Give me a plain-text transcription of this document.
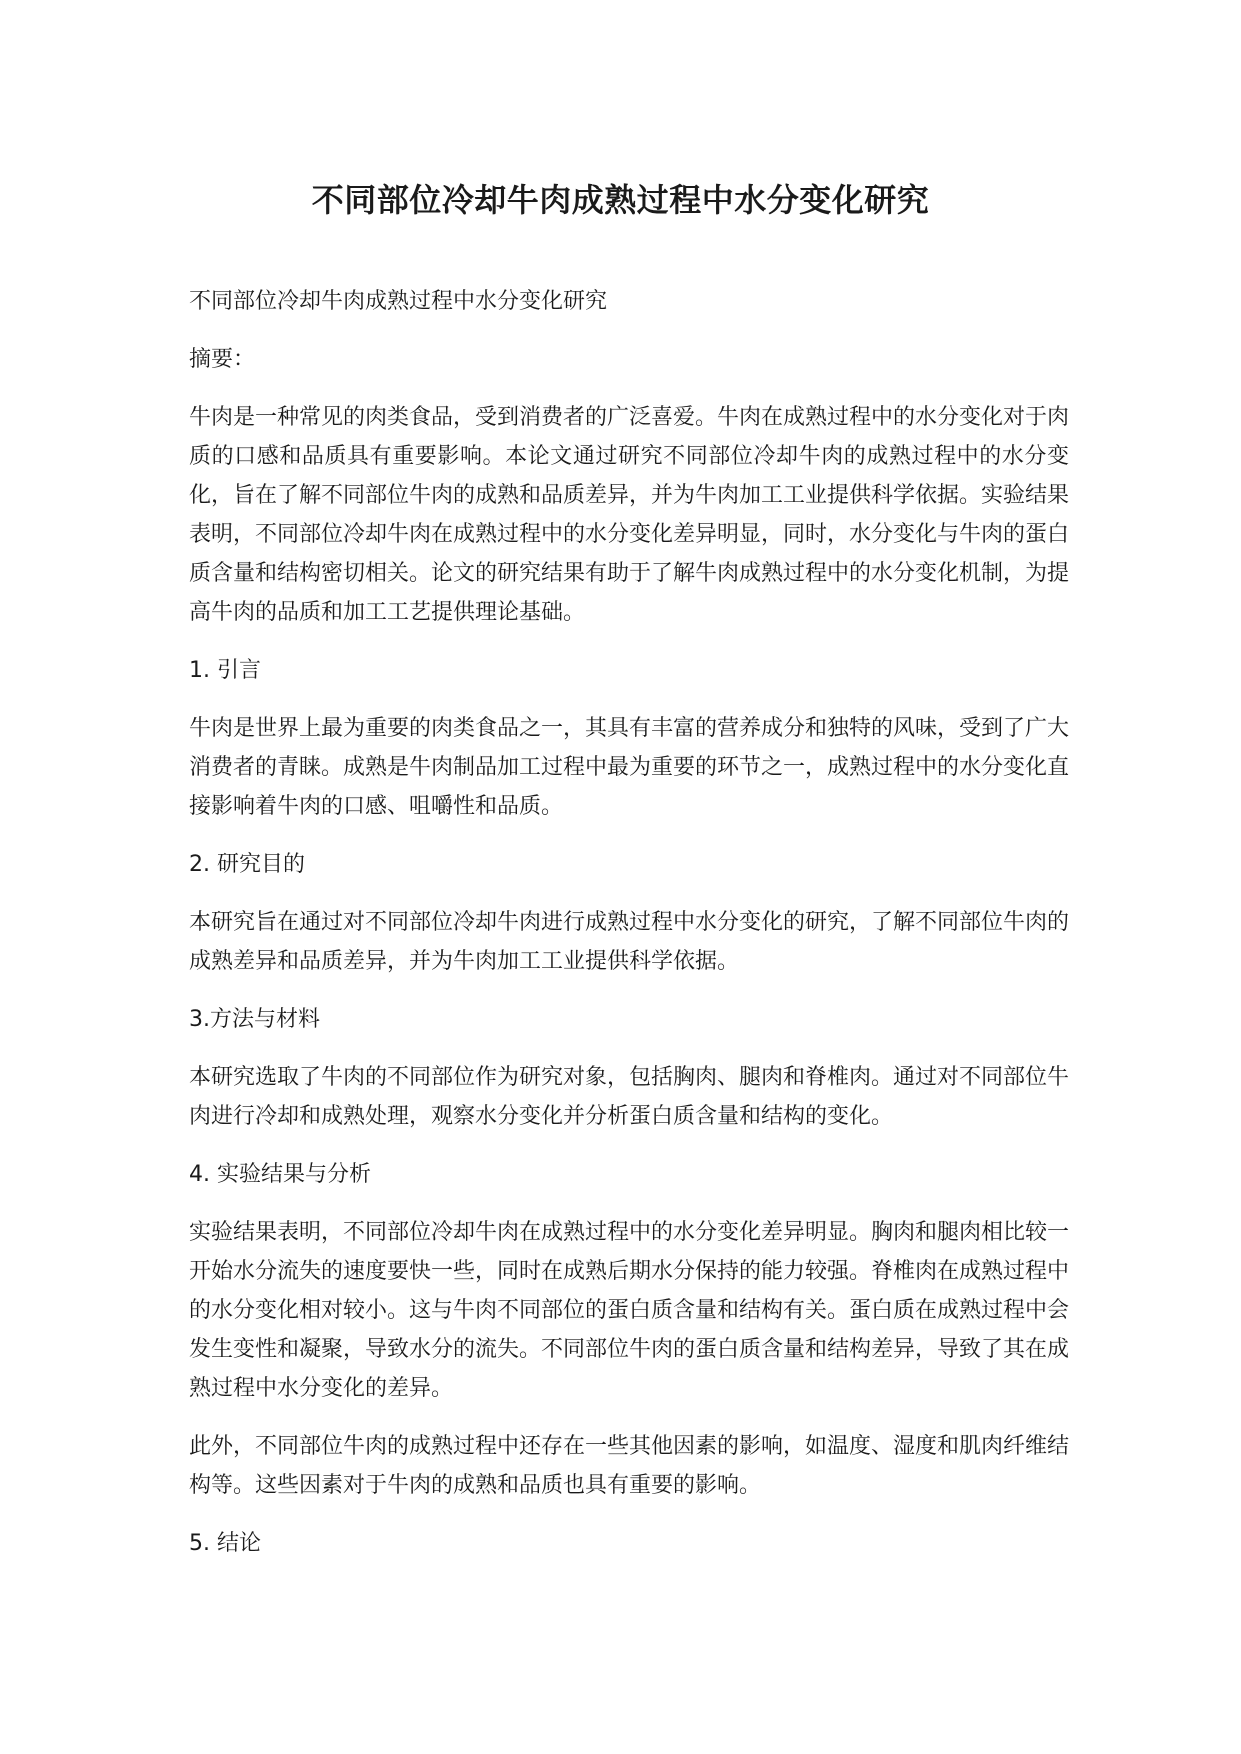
不同部位冷却牛肉成熟过程中水分变化研究

不同部位冷却牛肉成熟过程中水分变化研究

摘要：

牛肉是一种常见的肉类食品，受到消费者的广泛喜爱。牛肉在成熟过程中的水分变化对于肉质的口感和品质具有重要影响。本论文通过研究不同部位冷却牛肉的成熟过程中的水分变化，旨在了解不同部位牛肉的成熟和品质差异，并为牛肉加工工业提供科学依据。实验结果表明，不同部位冷却牛肉在成熟过程中的水分变化差异明显，同时，水分变化与牛肉的蛋白质含量和结构密切相关。论文的研究结果有助于了解牛肉成熟过程中的水分变化机制，为提高牛肉的品质和加工工艺提供理论基础。

1. 引言

牛肉是世界上最为重要的肉类食品之一，其具有丰富的营养成分和独特的风味，受到了广大消费者的青睐。成熟是牛肉制品加工过程中最为重要的环节之一，成熟过程中的水分变化直接影响着牛肉的口感、咀嚼性和品质。

2. 研究目的

本研究旨在通过对不同部位冷却牛肉进行成熟过程中水分变化的研究，了解不同部位牛肉的成熟差异和品质差异，并为牛肉加工工业提供科学依据。

3.方法与材料

本研究选取了牛肉的不同部位作为研究对象，包括胸肉、腿肉和脊椎肉。通过对不同部位牛肉进行冷却和成熟处理，观察水分变化并分析蛋白质含量和结构的变化。

4. 实验结果与分析

实验结果表明，不同部位冷却牛肉在成熟过程中的水分变化差异明显。胸肉和腿肉相比较一开始水分流失的速度要快一些，同时在成熟后期水分保持的能力较强。脊椎肉在成熟过程中的水分变化相对较小。这与牛肉不同部位的蛋白质含量和结构有关。蛋白质在成熟过程中会发生变性和凝聚，导致水分的流失。不同部位牛肉的蛋白质含量和结构差异，导致了其在成熟过程中水分变化的差异。

此外，不同部位牛肉的成熟过程中还存在一些其他因素的影响，如温度、湿度和肌肉纤维结构等。这些因素对于牛肉的成熟和品质也具有重要的影响。

5. 结论
